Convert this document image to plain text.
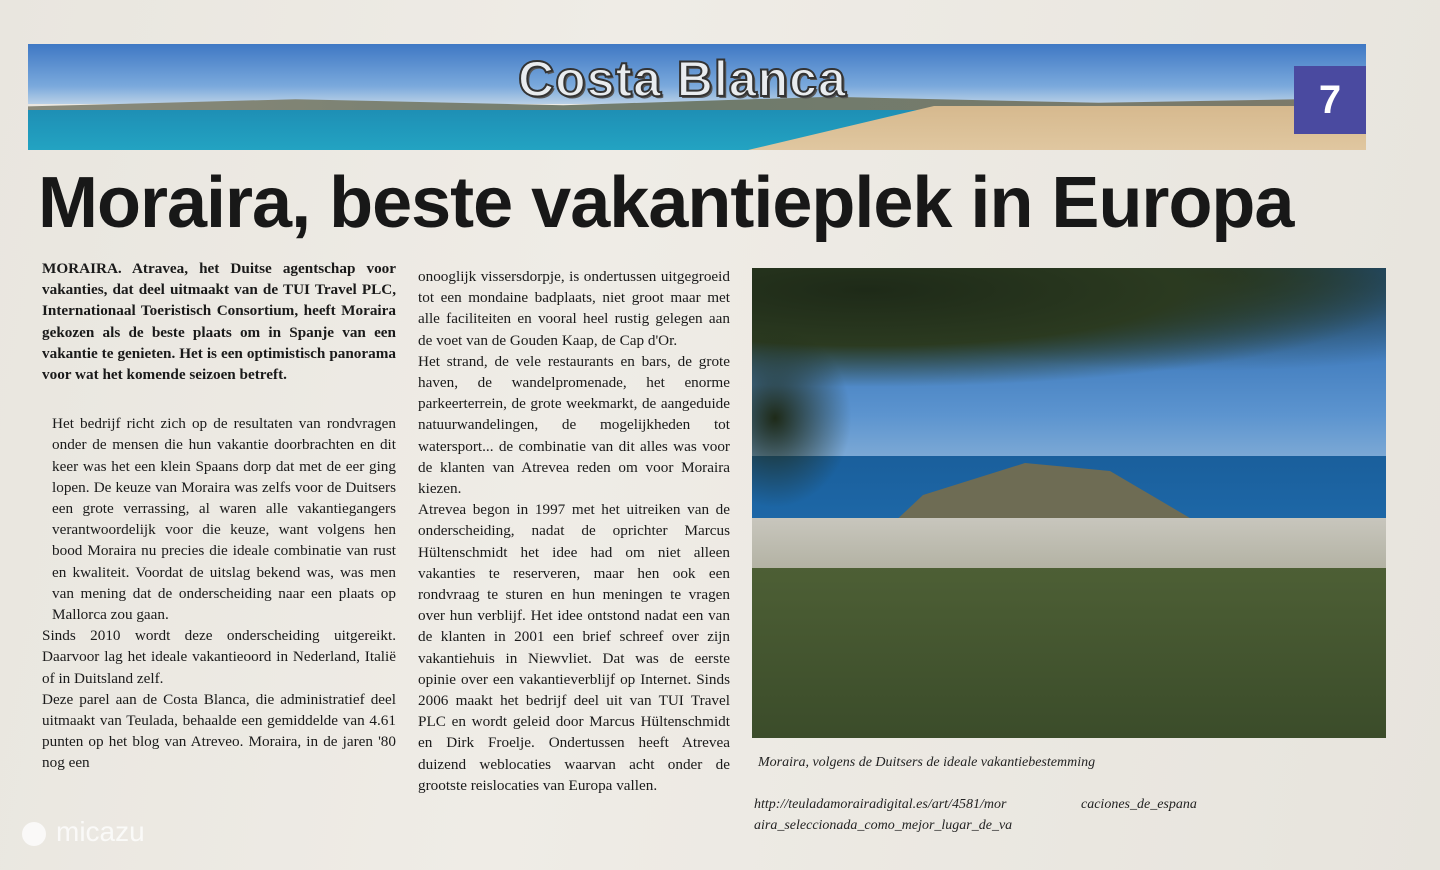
Costa Blanca	7
Moraira, beste vakantieplek in Europa

MORAIRA. Atravea, het Duitse agentschap voor vakanties, dat deel uitmaakt van de TUI Travel PLC, Internationaal Toeristisch Consortium, heeft Moraira gekozen als de beste plaats om in Spanje van een vakantie te genieten. Het is een optimistisch panorama voor wat het komende seizoen betreft.

Het bedrijf richt zich op de resultaten van rondvragen onder de mensen die hun vakantie doorbrachten en dit keer was het een klein Spaans dorp dat met de eer ging lopen. De keuze van Moraira was zelfs voor de Duitsers een grote verrassing, al waren alle vakantiegangers verantwoordelijk voor die keuze, want volgens hen bood Moraira nu precies die ideale combinatie van rust en kwaliteit. Voordat de uitslag bekend was, was men van mening dat de onderscheiding naar een plaats op Mallorca zou gaan.

Sinds 2010 wordt deze onderscheiding uitgereikt. Daarvoor lag het ideale vakantieoord in Nederland, Italië of in Duitsland zelf.

Deze parel aan de Costa Blanca, die administratief deel uitmaakt van Teulada, behaalde een gemiddelde van 4.61 punten op het blog van Atreveo. Moraira, in de jaren '80 nog een

onooglijk vissersdorpje, is ondertussen uitgegroeid tot een mondaine badplaats, niet groot maar met alle faciliteiten en vooral heel rustig gelegen aan de voet van de Gouden Kaap, de Cap d'Or.

Het strand, de vele restaurants en bars, de grote haven, de wandelpromenade, het enorme parkeerterrein, de grote weekmarkt, de aangeduide natuurwandelingen, de mogelijkheden tot watersport... de combinatie van dit alles was voor de klanten van Atrevea reden om voor Moraira kiezen.

Atrevea begon in 1997 met het uitreiken van de onderscheiding, nadat de oprichter Marcus Hültenschmidt het idee had om niet alleen vakanties te reserveren, maar hen ook een rondvraag te sturen en hun meningen te vragen over hun verblijf. Het idee ontstond nadat een van de klanten in 2001 een brief schreef over zijn vakantiehuis in Niewvliet. Dat was de eerste opinie over een vakantieverblijf op Internet. Sinds 2006 maakt het bedrijf deel uit van TUI Travel PLC en wordt geleid door Marcus Hültenschmidt en Dirk Froelje. Ondertussen heeft Atrevea duizend weblocaties waarvan acht onder de grootste reislocaties van Europa vallen.

Moraira, volgens de Duitsers de ideale vakantiebestemming
http://teuladamorairadigital.es/art/4581/mor
aira_seleccionada_como_mejor_lugar_de_va
caciones_de_espana
micazu
